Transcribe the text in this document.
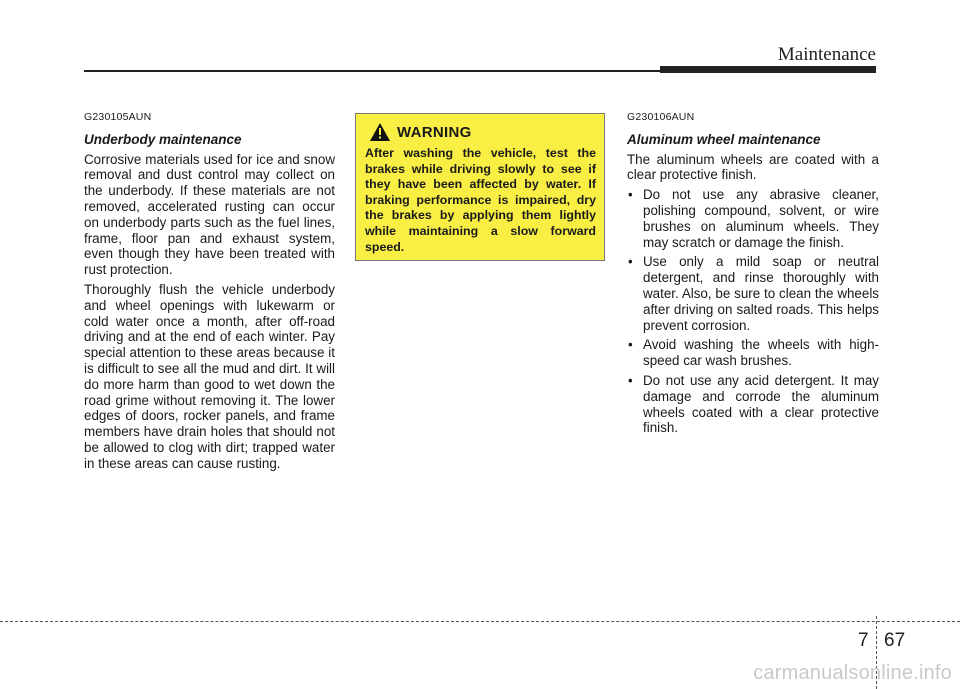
Maintenance
G230105AUN
Underbody maintenance

Corrosive materials used for ice and snow removal and dust control may collect on the underbody. If these materials are not removed, accelerated rusting can occur on underbody parts such as the fuel lines, frame, floor pan and exhaust system, even though they have been treated with rust protection.

Thoroughly flush the vehicle underbody and wheel openings with lukewarm or cold water once a month, after off-road driving and at the end of each winter. Pay special attention to these areas because it is difficult to see all the mud and dirt. It will do more harm than good to wet down the road grime without removing it. The lower edges of doors, rocker panels, and frame members have drain holes that should not be allowed to clog with dirt; trapped water in these areas can cause rusting.

WARNING

After washing the vehicle, test the brakes while driving slowly to see if they have been affected by water. If braking performance is impaired, dry the brakes by applying them lightly while maintaining a slow forward speed.

G230106AUN
Aluminum wheel maintenance

The aluminum wheels are coated with a clear protective finish.

• Do not use any abrasive cleaner, polishing compound, solvent, or wire brushes on aluminum wheels. They may scratch or damage the finish.
• Use only a mild soap or neutral detergent, and rinse thoroughly with water. Also, be sure to clean the wheels after driving on salted roads. This helps prevent corrosion.
• Avoid washing the wheels with high-speed car wash brushes.
• Do not use any acid detergent. It may damage and corrode the aluminum wheels coated with a clear protective finish.
7 67
carmanualsonline.info
